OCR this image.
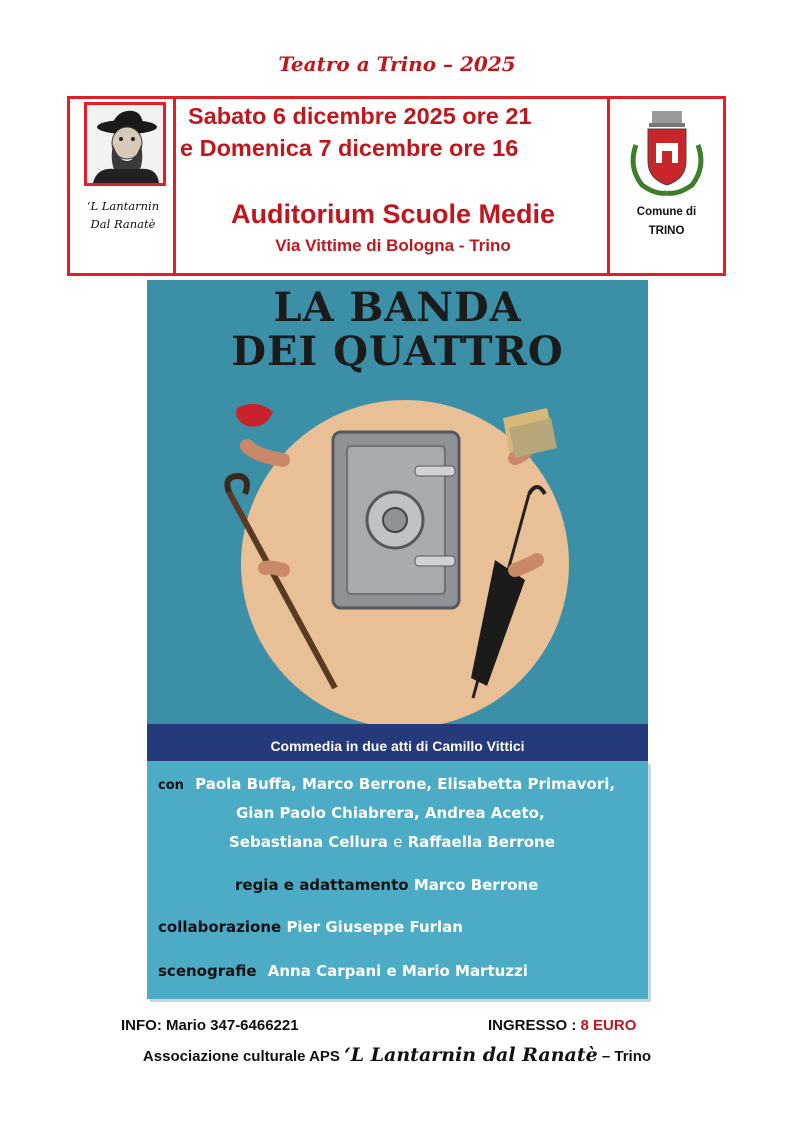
Teatro a Trino – 2025
‘L Lantarnin
Dal Ranatè
Sabato 6 dicembre 2025 ore 21
e Domenica 7 dicembre ore 16
Auditorium Scuole Medie
Via Vittime di Bologna - Trino
Comune di
TRINO
LA BANDA
DEI QUATTRO
Commedia in due atti di Camillo Vittici
con Paola Buffa, Marco Berrone, Elisabetta Primavori,
Gian Paolo Chiabrera, Andrea Aceto,
Sebastiana Cellura e Raffaella Berrone
regia e adattamento Marco Berrone
collaborazione Pier Giuseppe Furlan
scenografie Anna Carpani e Mario Martuzzi
INFO: Mario 347-6466221	INGRESSO : 8 EURO
Associazione culturale APS ‘L Lantarnin dal Ranatè – Trino
